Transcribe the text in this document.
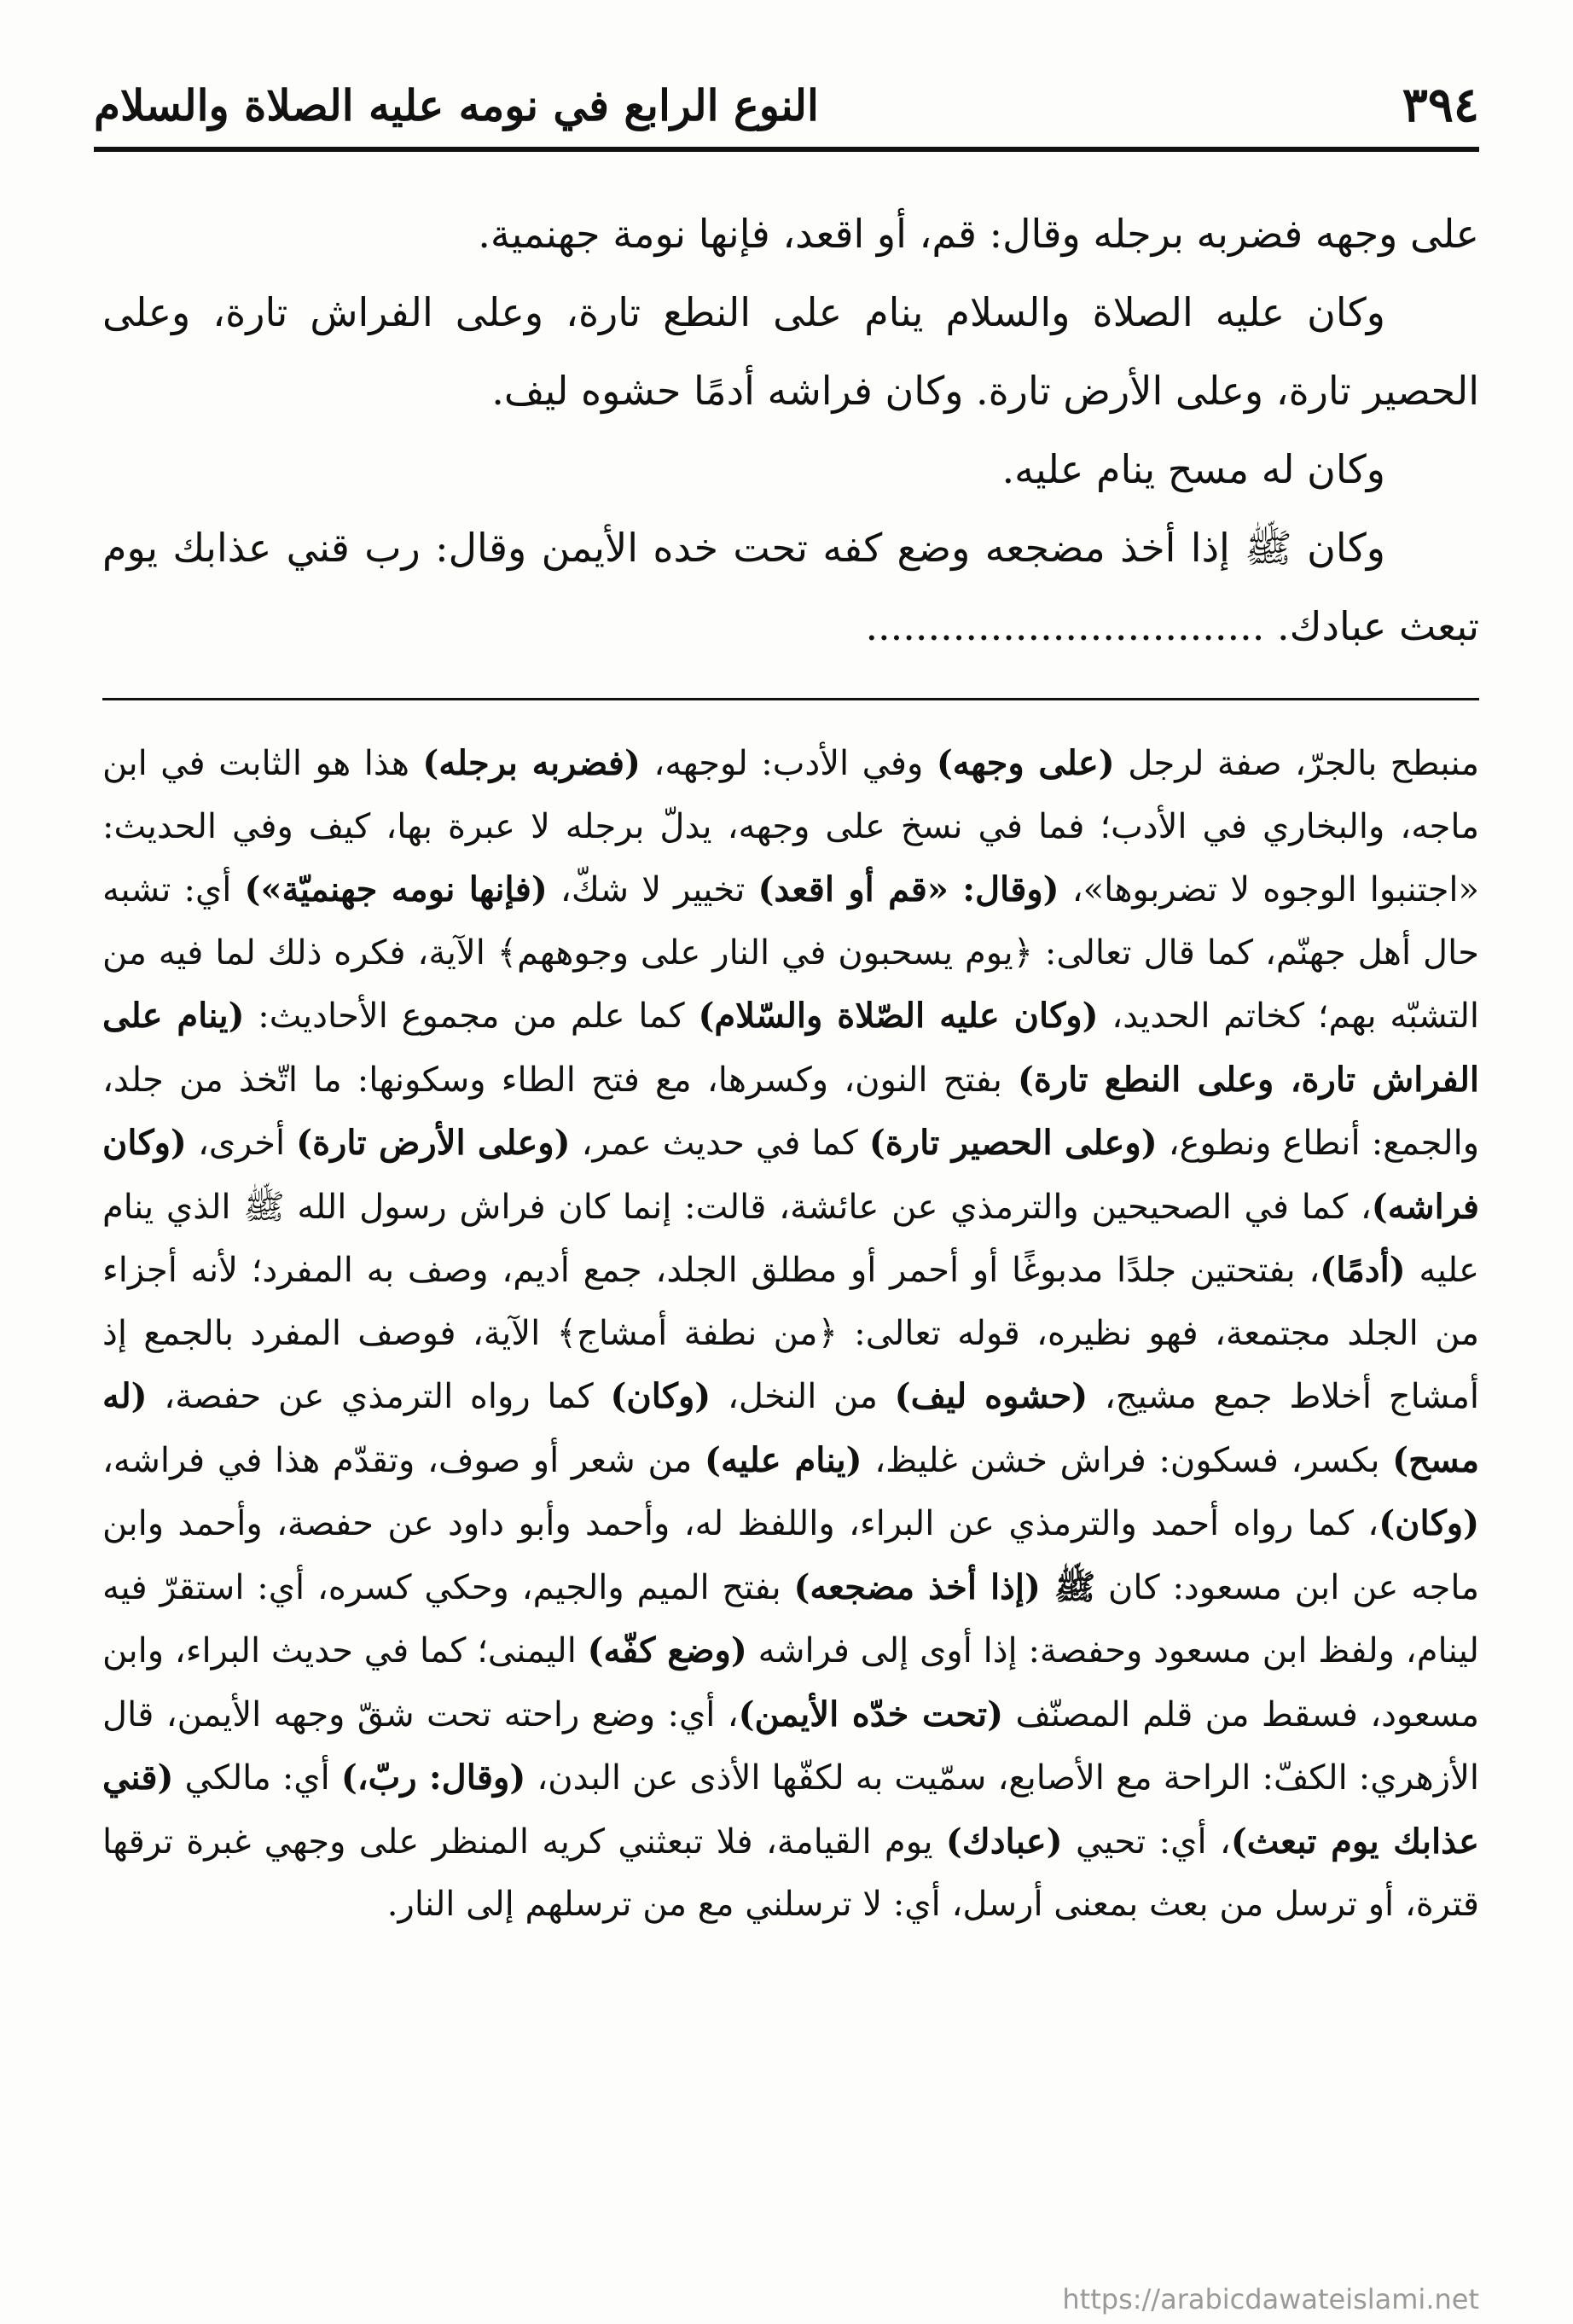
٣٩٤
النوع الرابع في نومه عليه الصلاة والسلام

على وجهه فضربه برجله وقال: قم، أو اقعد، فإنها نومة جهنمية.

وكان عليه الصلاة والسلام ينام على النطع تارة، وعلى الفراش تارة، وعلى الحصير تارة، وعلى الأرض تارة. وكان فراشه أدمًا حشوه ليف.

وكان له مسح ينام عليه.

وكان ﷺ إذا أخذ مضجعه وضع كفه تحت خده الأيمن وقال: رب قني عذابك يوم تبعث عبادك. ................................

منبطح بالجرّ، صفة لرجل (على وجهه) وفي الأدب: لوجهه، (فضربه برجله) هذا هو الثابت في ابن ماجه، والبخاري في الأدب؛ فما في نسخ على وجهه، يدلّ برجله لا عبرة بها، كيف وفي الحديث: «اجتنبوا الوجوه لا تضربوها»، (وقال: «قم أو اقعد) تخيير لا شكّ، (فإنها نومه جهنميّة») أي: تشبه حال أهل جهنّم، كما قال تعالى: ﴿يوم يسحبون في النار على وجوههم﴾ الآية، فكره ذلك لما فيه من التشبّه بهم؛ كخاتم الحديد، (وكان عليه الصّلاة والسّلام) كما علم من مجموع الأحاديث: (ينام على الفراش تارة، وعلى النطع تارة) بفتح النون، وكسرها، مع فتح الطاء وسكونها: ما اتّخذ من جلد، والجمع: أنطاع ونطوع، (وعلى الحصير تارة) كما في حديث عمر، (وعلى الأرض تارة) أخرى، (وكان فراشه)، كما في الصحيحين والترمذي عن عائشة، قالت: إنما كان فراش رسول الله ﷺ الذي ينام عليه (أدمًا)، بفتحتين جلدًا مدبوغًا أو أحمر أو مطلق الجلد، جمع أديم، وصف به المفرد؛ لأنه أجزاء من الجلد مجتمعة، فهو نظيره، قوله تعالى: ﴿من نطفة أمشاج﴾ الآية، فوصف المفرد بالجمع إذ أمشاج أخلاط جمع مشيج، (حشوه ليف) من النخل، (وكان) كما رواه الترمذي عن حفصة، (له مسح) بكسر، فسكون: فراش خشن غليظ، (ينام عليه) من شعر أو صوف، وتقدّم هذا في فراشه، (وكان)، كما رواه أحمد والترمذي عن البراء، واللفظ له، وأحمد وأبو داود عن حفصة، وأحمد وابن ماجه عن ابن مسعود: كان ﷺ (إذا أخذ مضجعه) بفتح الميم والجيم، وحكي كسره، أي: استقرّ فيه لينام، ولفظ ابن مسعود وحفصة: إذا أوى إلى فراشه (وضع كفّه) اليمنى؛ كما في حديث البراء، وابن مسعود، فسقط من قلم المصنّف (تحت خدّه الأيمن)، أي: وضع راحته تحت شقّ وجهه الأيمن، قال الأزهري: الكفّ: الراحة مع الأصابع، سمّيت به لكفّها الأذى عن البدن، (وقال: ربّ،) أي: مالكي (قني عذابك يوم تبعث)، أي: تحيي (عبادك) يوم القيامة، فلا تبعثني كريه المنظر على وجهي غبرة ترقها قترة، أو ترسل من بعث بمعنى أرسل، أي: لا ترسلني مع من ترسلهم إلى النار.

https://arabicdawateislami.net
